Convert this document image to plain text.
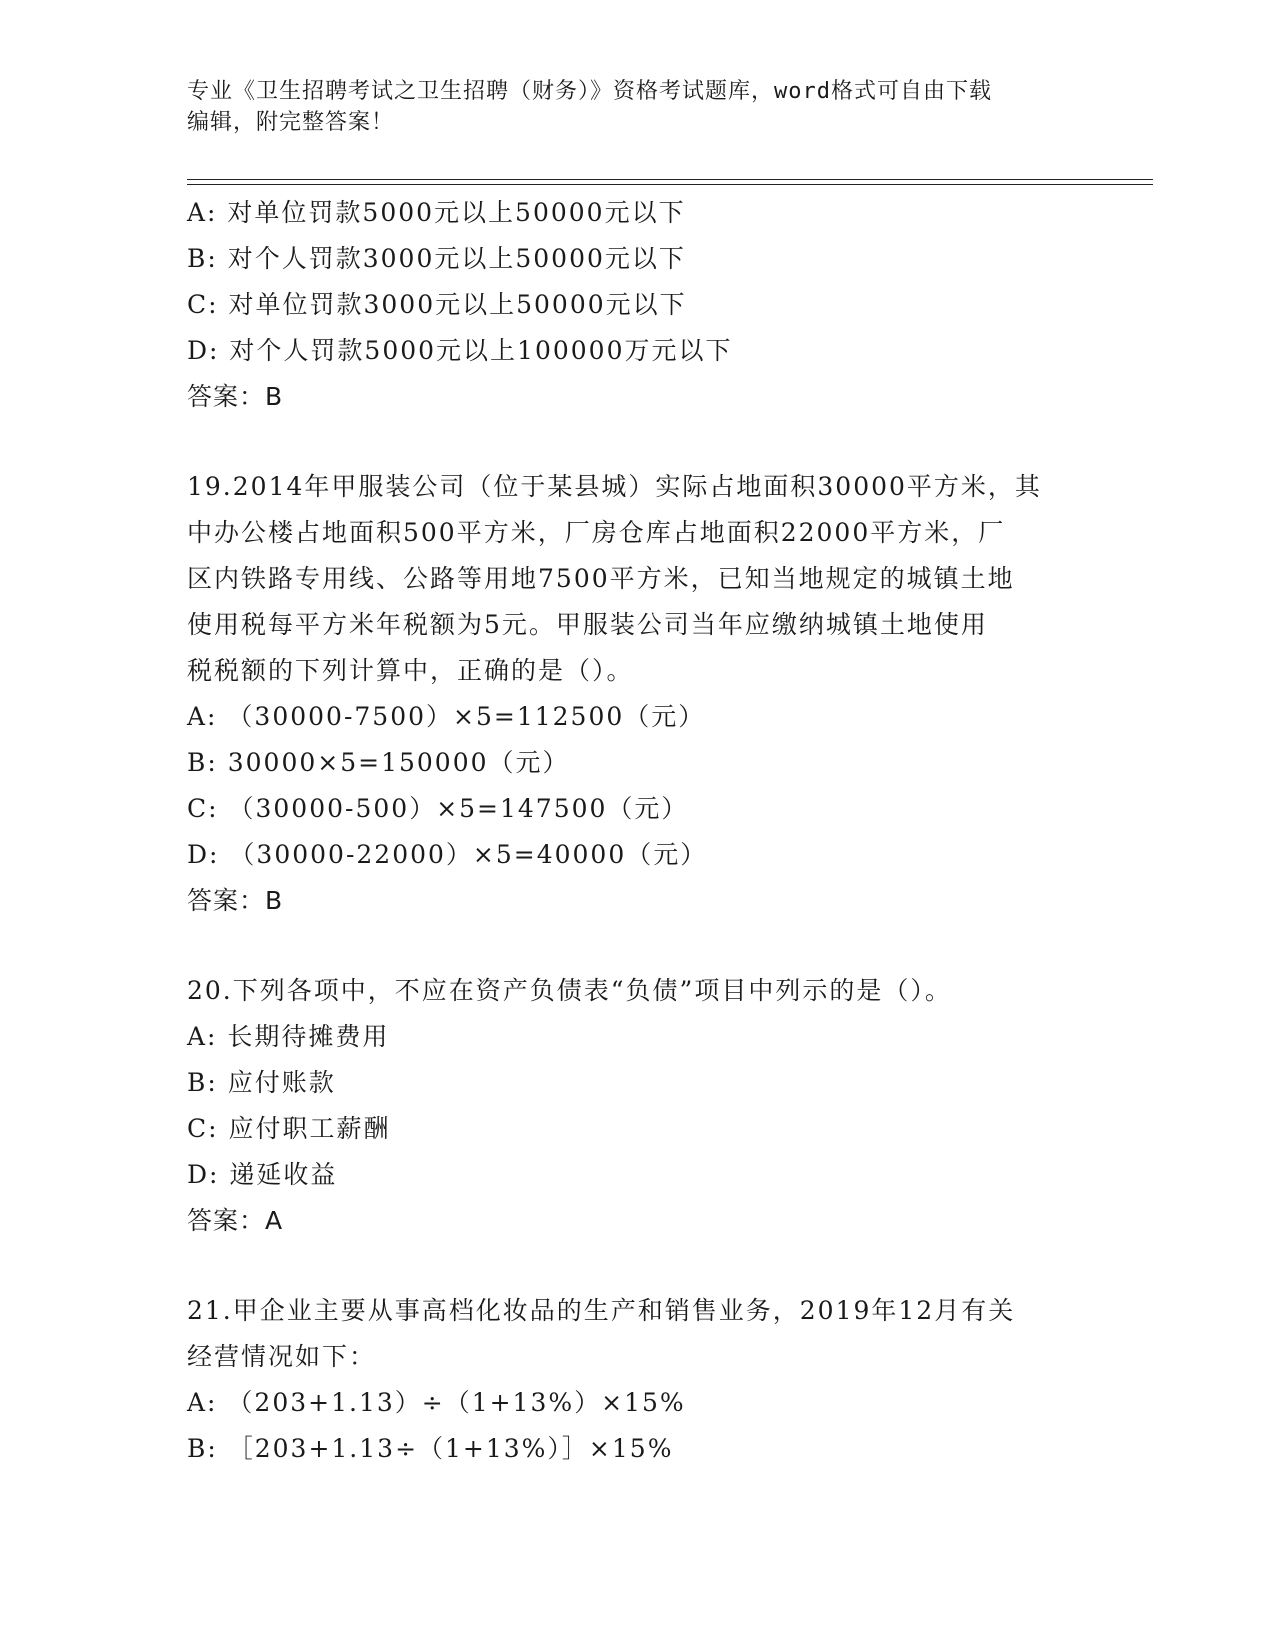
专业《卫生招聘考试之卫生招聘（财务）》资格考试题库，word格式可自由下载
编辑，附完整答案！
A: 对单位罚款5000元以上50000元以下
B: 对个人罚款3000元以上50000元以下
C: 对单位罚款3000元以上50000元以下
D: 对个人罚款5000元以上100000万元以下
答案：B
19.2014年甲服装公司（位于某县城）实际占地面积30000平方米，其
中办公楼占地面积500平方米，厂房仓库占地面积22000平方米，厂
区内铁路专用线、公路等用地7500平方米，已知当地规定的城镇土地
使用税每平方米年税额为5元。甲服装公司当年应缴纳城镇土地使用
税税额的下列计算中，正确的是（）。
A: （30000-7500）×5=112500（元）
B: 30000×5=150000（元）
C: （30000-500）×5=147500（元）
D: （30000-22000）×5=40000（元）
答案：B
20.下列各项中，不应在资产负债表“负债”项目中列示的是（）。
A: 长期待摊费用
B: 应付账款
C: 应付职工薪酬
D: 递延收益
答案：A
21.甲企业主要从事高档化妆品的生产和销售业务，2019年12月有关
经营情况如下：
A: （203+1.13）÷（1+13%）×15%
B: ［203+1.13÷（1+13%）］×15%
